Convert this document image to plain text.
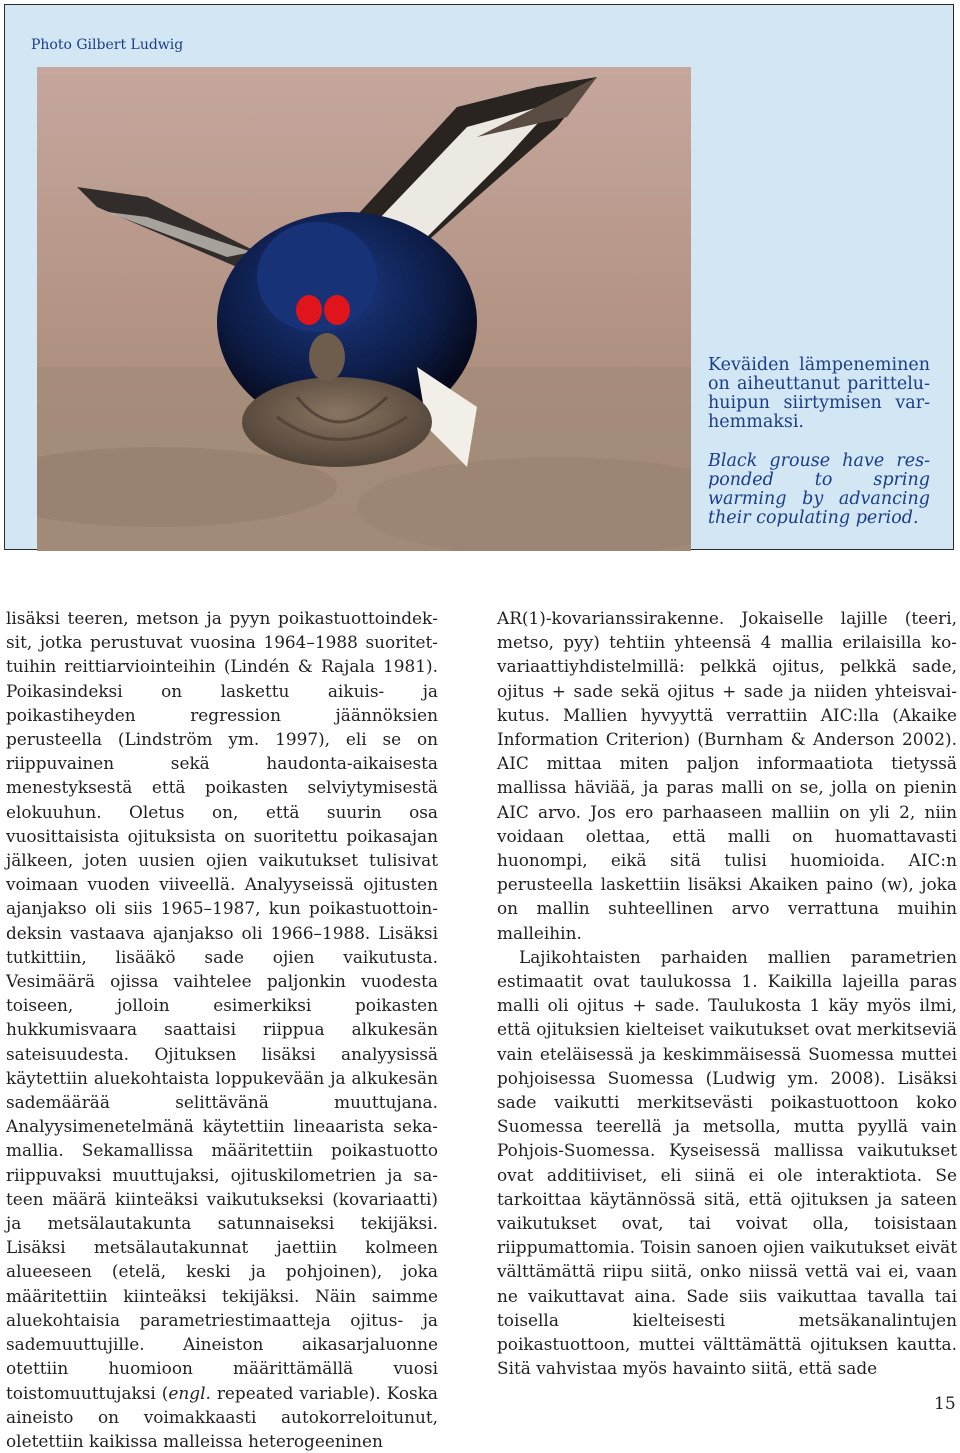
Photo Gilbert Ludwig
Keväiden lämpeneminen on aiheuttanut paritteluhuipun siirtymisen varhemmaksi.
Black grouse have responded to spring warming by advancing their copulating period.

lisäksi teeren, metson ja pyyn poikastuottoindeksit, jotka perustuvat vuosina 1964–1988 suoritettuihin reittiarviointeihin (Lindén & Rajala 1981). Poikasindeksi on laskettu aikuis- ja poikastiheyden regression jäännöksien perusteella (Lindström ym. 1997), eli se on riippuvainen sekä haudonta-aikaisesta menestyksestä että poikasten selviytymisestä elokuuhun. Oletus on, että suurin osa vuosittaisista ojituksista on suoritettu poikasajan jälkeen, joten uusien ojien vaikutukset tulisivat voimaan vuoden viiveellä. Analyyseissä ojitusten ajanjakso oli siis 1965–1987, kun poikastuottoindeksin vastaava ajanjakso oli 1966–1988. Lisäksi tutkittiin, lisääkö sade ojien vaikutusta. Vesimäärä ojissa vaihtelee paljonkin vuodesta toiseen, jolloin esimerkiksi poikasten hukkumisvaara saattaisi riippua alkukesän sateisuudesta. Ojituksen lisäksi analyysissä käytettiin aluekohtaista loppukevään ja alkukesän sademäärää selittävänä muuttujana. Analyysimenetelmänä käytettiin lineaarista sekamallia. Sekamallissa määritettiin poikastuotto riippuvaksi muuttujaksi, ojituskilometrien ja sateen määrä kiinteäksi vaikutukseksi (kovariaatti) ja metsälautakunta satunnaiseksi tekijäksi. Lisäksi metsälautakunnat jaettiin kolmeen alueeseen (etelä, keski ja pohjoinen), joka määritettiin kiinteäksi tekijäksi. Näin saimme aluekohtaisia parametriestimaatteja ojitus- ja sademuuttujille. Aineiston aikasarjaluonne otettiin huomioon määrittämällä vuosi toistomuuttujaksi (engl. repeated variable). Koska aineisto on voimakkaasti autokorreloitunut, oletettiin kaikissa malleissa heterogeeninen

AR(1)-kovarianssirakenne. Jokaiselle lajille (teeri, metso, pyy) tehtiin yhteensä 4 mallia erilaisilla kovariaattiyhdistelmillä: pelkkä ojitus, pelkkä sade, ojitus + sade sekä ojitus + sade ja niiden yhteisvaikutus. Mallien hyvyyttä verrattiin AIC:lla (Akaike Information Criterion) (Burnham & Anderson 2002). AIC mittaa miten paljon informaatiota tietyssä mallissa häviää, ja paras malli on se, jolla on pienin AIC arvo. Jos ero parhaaseen malliin on yli 2, niin voidaan olettaa, että malli on huomattavasti huonompi, eikä sitä tulisi huomioida. AIC:n perusteella laskettiin lisäksi Akaiken paino (w), joka on mallin suhteellinen arvo verrattuna muihin malleihin.

Lajikohtaisten parhaiden mallien parametrien estimaatit ovat taulukossa 1. Kaikilla lajeilla paras malli oli ojitus + sade. Taulukosta 1 käy myös ilmi, että ojituksien kielteiset vaikutukset ovat merkitseviä vain eteläisessä ja keskimmäisessä Suomessa muttei pohjoisessa Suomessa (Ludwig ym. 2008). Lisäksi sade vaikutti merkitsevästi poikastuottoon koko Suomessa teerellä ja metsolla, mutta pyyllä vain Pohjois-Suomessa. Kyseisessä mallissa vaikutukset ovat additiiviset, eli siinä ei ole interaktiota. Se tarkoittaa käytännössä sitä, että ojituksen ja sateen vaikutukset ovat, tai voivat olla, toisistaan riippumattomia. Toisin sanoen ojien vaikutukset eivät välttämättä riipu siitä, onko niissä vettä vai ei, vaan ne vaikuttavat aina. Sade siis vaikuttaa tavalla tai toisella kielteisesti metsäkanalintujen poikastuottoon, muttei välttämättä ojituksen kautta. Sitä vahvistaa myös havainto siitä, että sade

15
